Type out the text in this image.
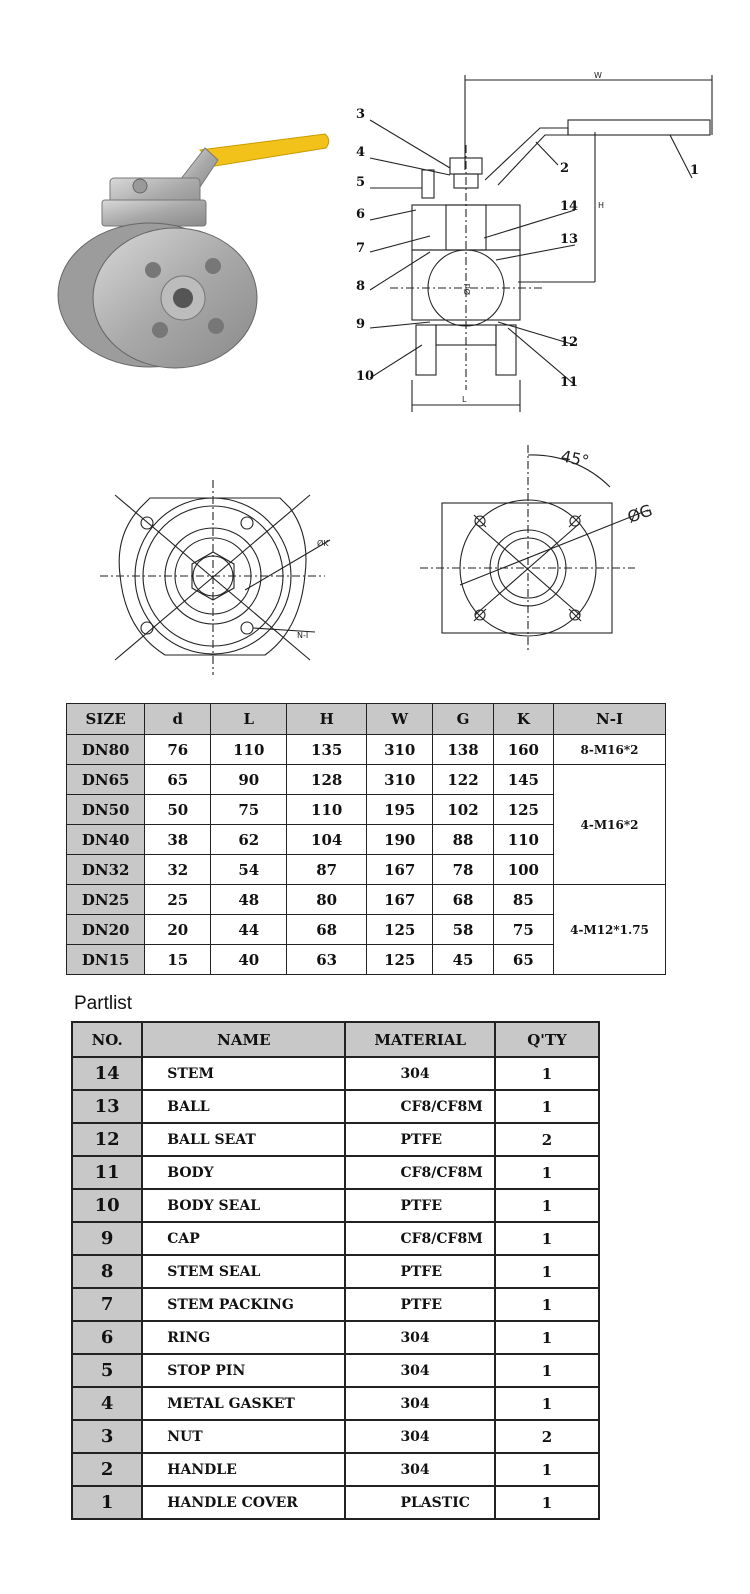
W
H
Ød
L
3
4
5
6
7
8
9
10
2	1
14
13
12
11
ØK
N-I
45°
ØG
SIZE	d	L	H	W	G	K	N-I
DN80	76	110	135	310	138	160	8-M16*2
DN65	65	90	128	310	122	145	4-M16*2
DN50	50	75	110	195	102	125	
DN40	38	62	104	190	88	110	
DN32	32	54	87	167	78	100	
DN25	25	48	80	167	68	85	4-M12*1.75
DN20	20	44	68	125	58	75	
DN15	15	40	63	125	45	65	
Partlist
NO.	NAME	MATERIAL	Q'TY
14	STEM	304	1
13	BALL	CF8/CF8M	1
12	BALL SEAT	PTFE	2
11	BODY	CF8/CF8M	1
10	BODY SEAL	PTFE	1
9	CAP	CF8/CF8M	1
8	STEM SEAL	PTFE	1
7	STEM PACKING	PTFE	1
6	RING	304	1
5	STOP PIN	304	1
4	METAL GASKET	304	1
3	NUT	304	2
2	HANDLE	304	1
1	HANDLE COVER	PLASTIC	1
